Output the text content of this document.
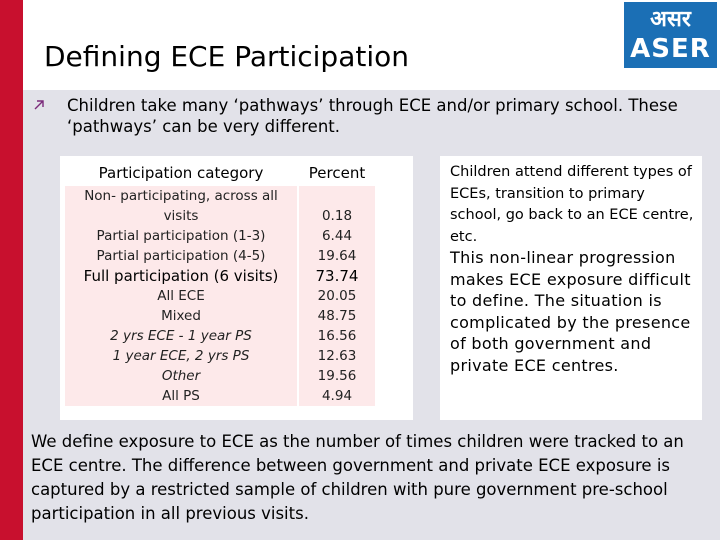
Defining ECE Participation
असर
ASER
Children take many ‘pathways’ through ECE and/or primary school. These ‘pathways’ can be very different.
Participation category	Percent
Non- participating, across all visits	0.18
Partial participation (1-3)	6.44
Partial participation (4-5)	19.64
Full participation (6 visits)	73.74
All ECE	20.05
Mixed	48.75
2 yrs ECE - 1 year PS	16.56
1 year ECE, 2 yrs PS	12.63
Other	19.56
All PS	4.94
Children attend different types of ECEs, transition to primary school, go back to an ECE centre, etc.
This non-linear progression makes ECE exposure difficult to define. The situation is complicated by the presence of both government and private ECE centres.
We define exposure to ECE as the number of times children were tracked to an ECE centre. The difference between government and private ECE exposure is captured by a restricted sample of children with pure government pre-school participation in all previous visits.
